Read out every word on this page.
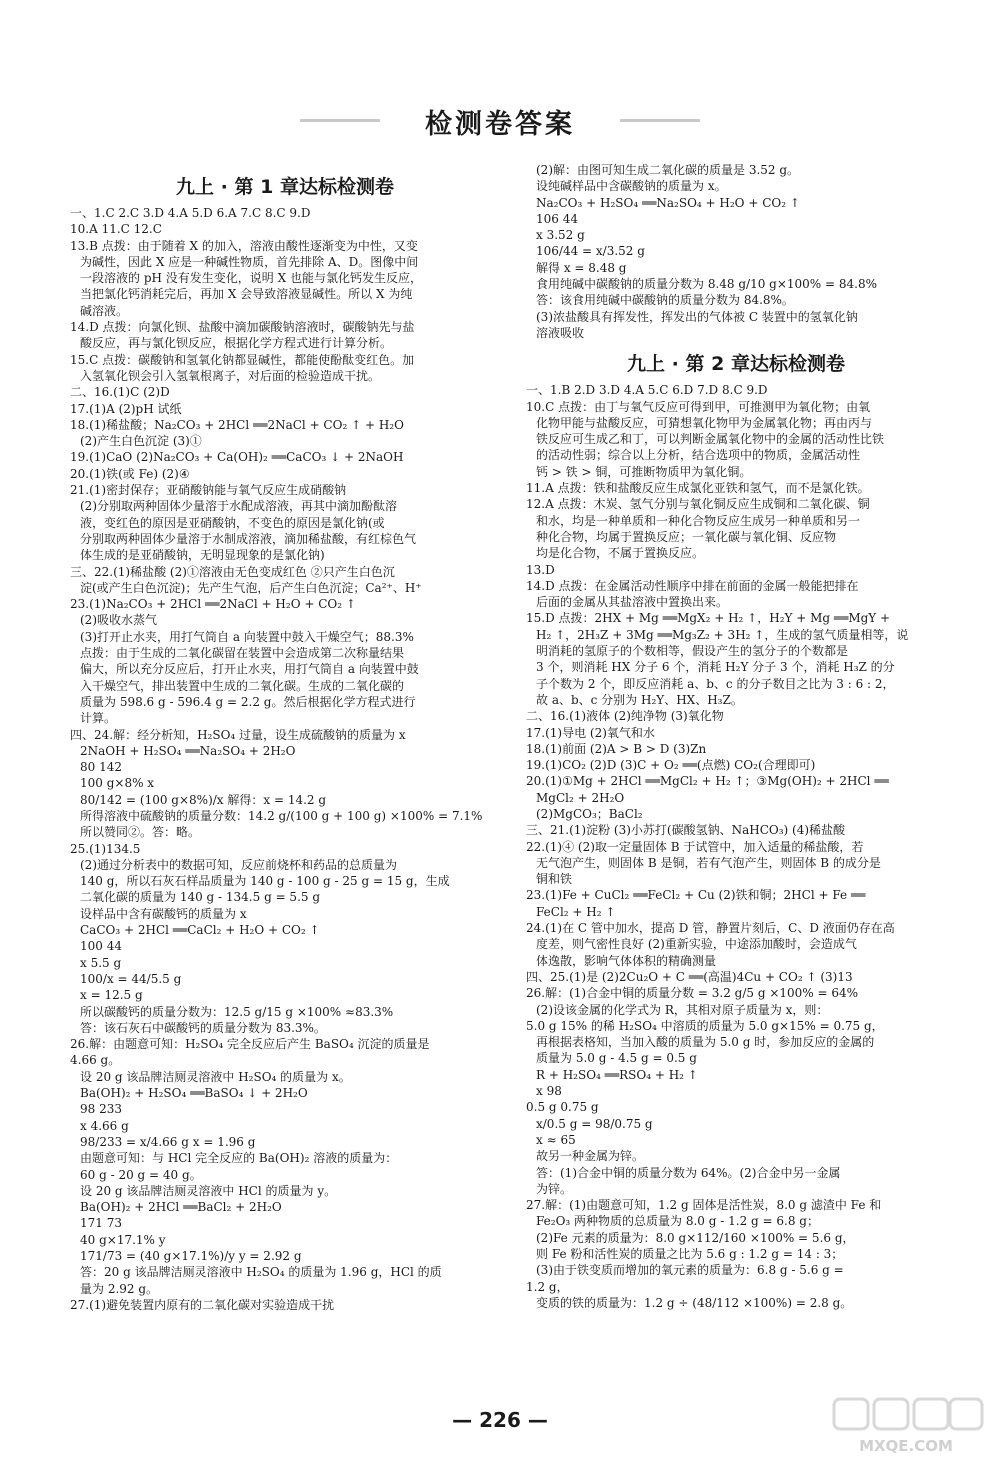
检测卷答案
九上 · 第 1 章达标检测卷
一、1.C 2.C 3.D 4.A 5.D 6.A 7.C 8.C 9.D
10.A 11.C 12.C
13.B 点拨：由于随着 X 的加入，溶液由酸性逐渐变为中性，又变
为碱性，因此 X 应是一种碱性物质，首先排除 A、D。图像中间
一段溶液的 pH 没有发生变化，说明 X 也能与氯化钙发生反应，
当把氯化钙消耗完后，再加 X 会导致溶液显碱性。所以 X 为纯
碱溶液。
14.D 点拨：向氯化钡、盐酸中滴加碳酸钠溶液时，碳酸钠先与盐
酸反应，再与氯化钡反应，根据化学方程式进行计算分析。
15.C 点拨：碳酸钠和氢氧化钠都显碱性，都能使酚酞变红色。加
入氢氧化钡会引入氢氧根离子，对后面的检验造成干扰。
二、16.(1)C (2)D
17.(1)A (2)pH 试纸
18.(1)稀盐酸；Na₂CO₃ + 2HCl ══2NaCl + CO₂ ↑ + H₂O
(2)产生白色沉淀 (3)①
19.(1)CaO (2)Na₂CO₃ + Ca(OH)₂ ══CaCO₃ ↓ + 2NaOH
20.(1)铁(或 Fe) (2)④
21.(1)密封保存；亚硝酸钠能与氧气反应生成硝酸钠
(2)分别取两种固体少量溶于水配成溶液，再其中滴加酚酞溶
液，变红色的原因是亚硝酸钠，不变色的原因是氯化钠(或
分别取两种固体少量溶于水制成溶液，滴加稀盐酸，有红棕色气
体生成的是亚硝酸钠，无明显现象的是氯化钠)
三、22.(1)稀盐酸 (2)①溶液由无色变成红色 ②只产生白色沉
淀(或产生白色沉淀)；先产生气泡，后产生白色沉淀；Ca²⁺、H⁺
23.(1)Na₂CO₃ + 2HCl ══2NaCl + H₂O + CO₂ ↑
(2)吸收水蒸气
(3)打开止水夹，用打气筒自 a 向装置中鼓入干燥空气；88.3%
点拨：由于生成的二氧化碳留在装置中会造成第二次称量结果
偏大，所以充分反应后，打开止水夹，用打气筒自 a 向装置中鼓
入干燥空气，排出装置中生成的二氧化碳。生成的二氧化碳的
质量为 598.6 g - 596.4 g = 2.2 g。然后根据化学方程式进行
计算。
四、24.解：经分析知，H₂SO₄ 过量，设生成硫酸钠的质量为 x
2NaOH + H₂SO₄ ══Na₂SO₄ + 2H₂O
80 142
100 g×8% x
80/142 = (100 g×8%)/x 解得：x = 14.2 g
所得溶液中硫酸钠的质量分数：14.2 g/(100 g + 100 g) ×100% = 7.1%
所以赞同②。答：略。
25.(1)134.5
(2)通过分析表中的数据可知，反应前烧杯和药品的总质量为
140 g，所以石灰石样品质量为 140 g - 100 g - 25 g = 15 g，生成
二氧化碳的质量为 140 g - 134.5 g = 5.5 g
设样品中含有碳酸钙的质量为 x
CaCO₃ + 2HCl ══CaCl₂ + H₂O + CO₂ ↑
100 44
x 5.5 g
100/x = 44/5.5 g
x = 12.5 g
所以碳酸钙的质量分数为：12.5 g/15 g ×100% ≈83.3%
答：该石灰石中碳酸钙的质量分数为 83.3%。
26.解：由题意可知：H₂SO₄ 完全反应后产生 BaSO₄ 沉淀的质量是
4.66 g。
设 20 g 该品牌洁厕灵溶液中 H₂SO₄ 的质量为 x。
Ba(OH)₂ + H₂SO₄ ══BaSO₄ ↓ + 2H₂O
98 233
x 4.66 g
98/233 = x/4.66 g x = 1.96 g
由题意可知：与 HCl 完全反应的 Ba(OH)₂ 溶液的质量为：
60 g - 20 g = 40 g。
设 20 g 该品牌洁厕灵溶液中 HCl 的质量为 y。
Ba(OH)₂ + 2HCl ══BaCl₂ + 2H₂O
171 73
40 g×17.1% y
171/73 = (40 g×17.1%)/y y = 2.92 g
答：20 g 该品牌洁厕灵溶液中 H₂SO₄ 的质量为 1.96 g，HCl 的质
量为 2.92 g。
27.(1)避免装置内原有的二氧化碳对实验造成干扰
(2)解：由图可知生成二氧化碳的质量是 3.52 g。
设纯碱样品中含碳酸钠的质量为 x。
Na₂CO₃ + H₂SO₄ ══Na₂SO₄ + H₂O + CO₂ ↑
106 44
x 3.52 g
106/44 = x/3.52 g
解得 x = 8.48 g
食用纯碱中碳酸钠的质量分数为 8.48 g/10 g×100% = 84.8%
答：该食用纯碱中碳酸钠的质量分数为 84.8%。
(3)浓盐酸具有挥发性，挥发出的气体被 C 装置中的氢氧化钠
溶液吸收
九上 · 第 2 章达标检测卷
一、1.B 2.D 3.D 4.A 5.C 6.D 7.D 8.C 9.D
10.C 点拨：由丁与氧气反应可得到甲，可推测甲为氧化物；由氧
化物甲能与盐酸反应，可猜想氧化物甲为金属氧化物；再由丙与
铁反应可生成乙和丁，可以判断金属氧化物中的金属的活动性比铁
的活动性弱；综合以上分析，结合选项中的物质，金属活动性
钙 > 铁 > 铜，可推断物质甲为氧化铜。
11.A 点拨：铁和盐酸反应生成氯化亚铁和氢气，而不是氯化铁。
12.A 点拨：木炭、氢气分别与氧化铜反应生成铜和二氧化碳、铜
和水，均是一种单质和一种化合物反应生成另一种单质和另一
种化合物，均属于置换反应；一氧化碳与氧化铜、反应物
均是化合物，不属于置换反应。
13.D
14.D 点拨：在金属活动性顺序中排在前面的金属一般能把排在
后面的金属从其盐溶液中置换出来。
15.D 点拨：2HX + Mg ══MgX₂ + H₂ ↑，H₂Y + Mg ══MgY +
H₂ ↑，2H₃Z + 3Mg ══Mg₃Z₂ + 3H₂ ↑，生成的氢气质量相等，说
明消耗的氢原子的个数相等，假设产生的氢分子的个数都是
3 个，则消耗 HX 分子 6 个，消耗 H₂Y 分子 3 个，消耗 H₃Z 的分
子个数为 2 个，即反应消耗 a、b、c 的分子数目之比为 3 : 6 : 2，
故 a、b、c 分别为 H₂Y、HX、H₃Z。
二、16.(1)液体 (2)纯净物 (3)氧化物
17.(1)导电 (2)氧气和水
18.(1)前面 (2)A > B > D (3)Zn
19.(1)CO₂ (2)D (3)C + O₂ ══(点燃) CO₂(合理即可)
20.(1)①Mg + 2HCl ══MgCl₂ + H₂ ↑；③Mg(OH)₂ + 2HCl ══
MgCl₂ + 2H₂O
(2)MgCO₃；BaCl₂
三、21.(1)淀粉 (3)小苏打(碳酸氢钠、NaHCO₃) (4)稀盐酸
22.(1)④ (2)取一定量固体 B 于试管中，加入适量的稀盐酸，若
无气泡产生，则固体 B 是铜，若有气泡产生，则固体 B 的成分是
铜和铁
23.(1)Fe + CuCl₂ ══FeCl₂ + Cu (2)铁和铜；2HCl + Fe ══
FeCl₂ + H₂ ↑
24.(1)在 C 管中加水，提高 D 管，静置片刻后，C、D 液面仍存在高
度差，则气密性良好 (2)重新实验，中途添加酸时，会造成气
体逸散，影响气体体积的精确测量
四、25.(1)是 (2)2Cu₂O + C ══(高温)4Cu + CO₂ ↑ (3)13
26.解：(1)合金中铜的质量分数 = 3.2 g/5 g ×100% = 64%
(2)设该金属的化学式为 R，其相对原子质量为 x，则：
5.0 g 15% 的稀 H₂SO₄ 中溶质的质量为 5.0 g×15% = 0.75 g，
再根据表格知，当加入酸的质量为 5.0 g 时，参加反应的金属的
质量为 5.0 g - 4.5 g = 0.5 g
R + H₂SO₄ ══RSO₄ + H₂ ↑
x 98
0.5 g 0.75 g
x/0.5 g = 98/0.75 g
x ≈ 65
故另一种金属为锌。
答：(1)合金中铜的质量分数为 64%。(2)合金中另一金属
为锌。
27.解：(1)由题意可知，1.2 g 固体是活性炭，8.0 g 滤渣中 Fe 和
Fe₂O₃ 两种物质的总质量为 8.0 g - 1.2 g = 6.8 g；
(2)Fe 元素的质量为：8.0 g×112/160 ×100% = 5.6 g，
则 Fe 粉和活性炭的质量之比为 5.6 g : 1.2 g = 14 : 3；
(3)由于铁变质而增加的氧元素的质量为：6.8 g - 5.6 g =
1.2 g，
变质的铁的质量为：1.2 g ÷ (48/112 ×100%) = 2.8 g。
— 226 —
MXQE.COM
